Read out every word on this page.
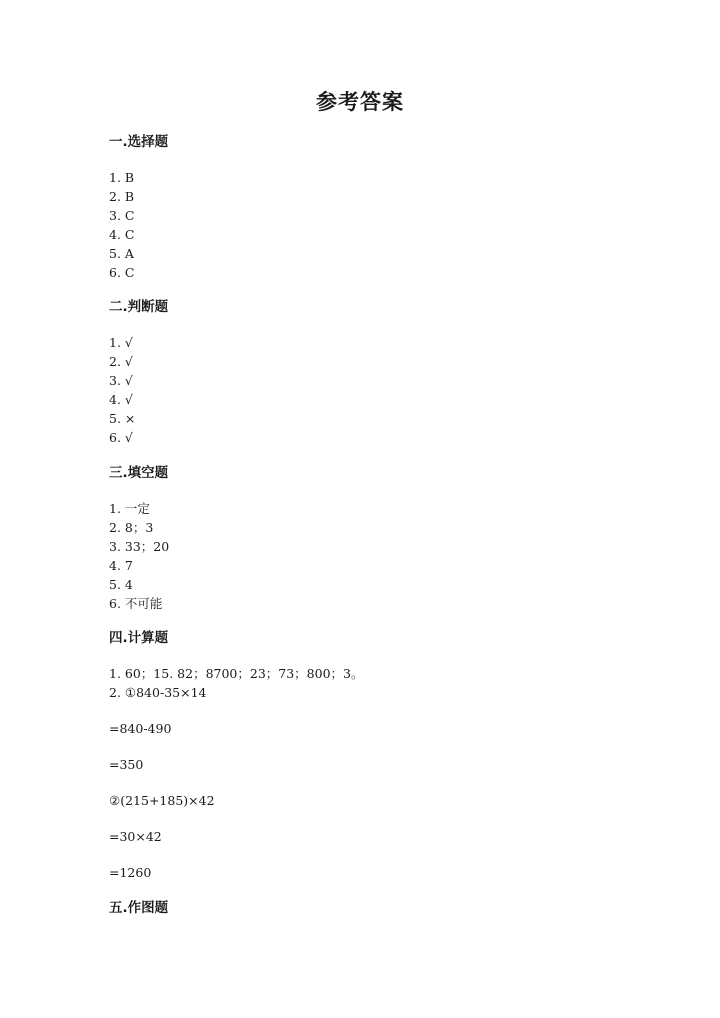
参考答案
一.选择题
1. B
2. B
3. C
4. C
5. A
6. C
二.判断题
1. √
2. √
3. √
4. √
5. ×
6. √
三.填空题
1. 一定
2. 8；3
3. 33；20
4. 7
5. 4
6. 不可能
四.计算题
1. 60；15. 82；8700；23；73；800；3。
2. ①840-35×14
=840-490
=350
②(215+185)×42
=30×42
=1260
五.作图题
